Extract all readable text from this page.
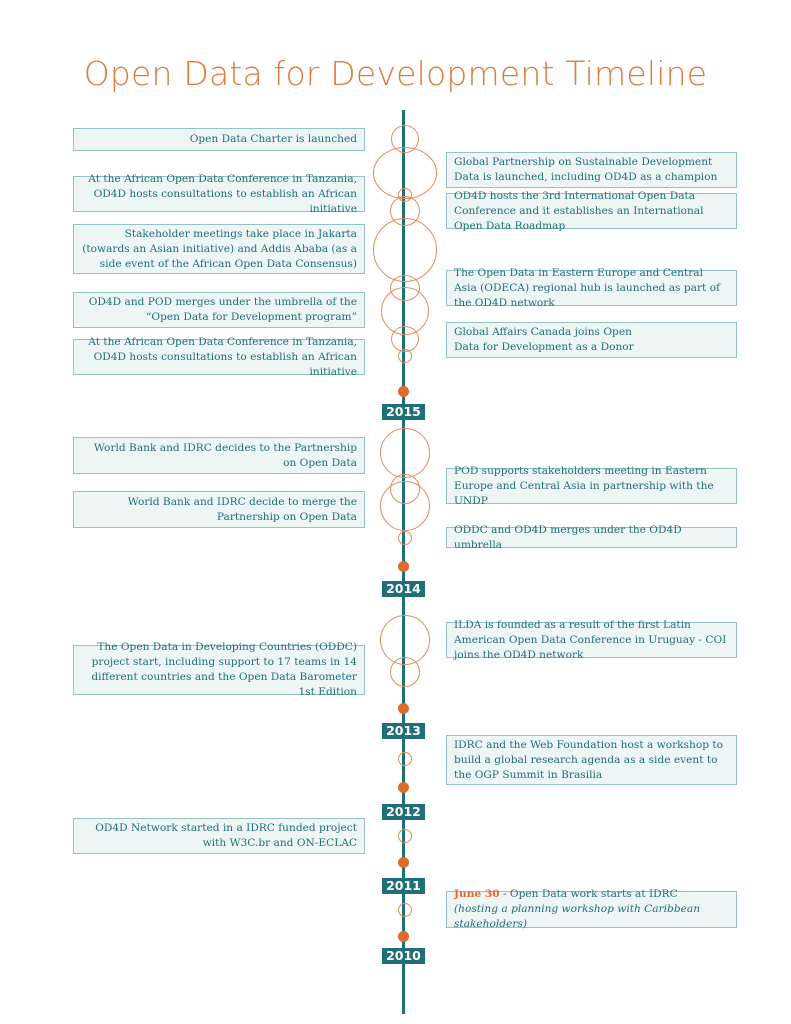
Open Data for Development Timeline
2015
2014
2013
2012
2011
2010
Open Data Charter is launched
At the African Open Data Conference in Tanzania, OD4D hosts consultations to establish an African initiative
Stakeholder meetings take place in Jakarta (towards an Asian initiative) and Addis Ababa (as a side event of the African Open Data Consensus)
OD4D and POD merges under the umbrella of the “Open Data for Development program”
At the African Open Data Conference in Tanzania, OD4D hosts consultations to establish an African initiative
World Bank and IDRC decides to the Partnership on Open Data
World Bank and IDRC decide to merge the Partnership on Open Data
The Open Data in Developing Countries (ODDC) project start, including support to 17 teams in 14 different countries and the Open Data Barometer 1st Edition
OD4D Network started in a IDRC funded project with W3C.br and ON-ECLAC
Global Partnership on Sustainable Development Data is launched, including OD4D as a champion
OD4D hosts the 3rd International Open Data Conference and it establishes an International Open Data Roadmap
The Open Data in Eastern Europe and Central Asia (ODECA) regional hub is launched as part of the OD4D network
Global Affairs Canada joins Open Data for Development as a Donor
POD supports stakeholders meeting in Eastern Europe and Central Asia in partnership with the UNDP
ODDC and OD4D merges under the OD4D umbrella
ILDA is founded as a result of the first Latin American Open Data Conference in Uruguay - COI joins the OD4D network
IDRC and the Web Foundation host a workshop to build a global research agenda as a side event to the OGP Summit in Brasilia
June 30 - Open Data work starts at IDRC
(hosting a planning workshop with Caribbean stakeholders)
